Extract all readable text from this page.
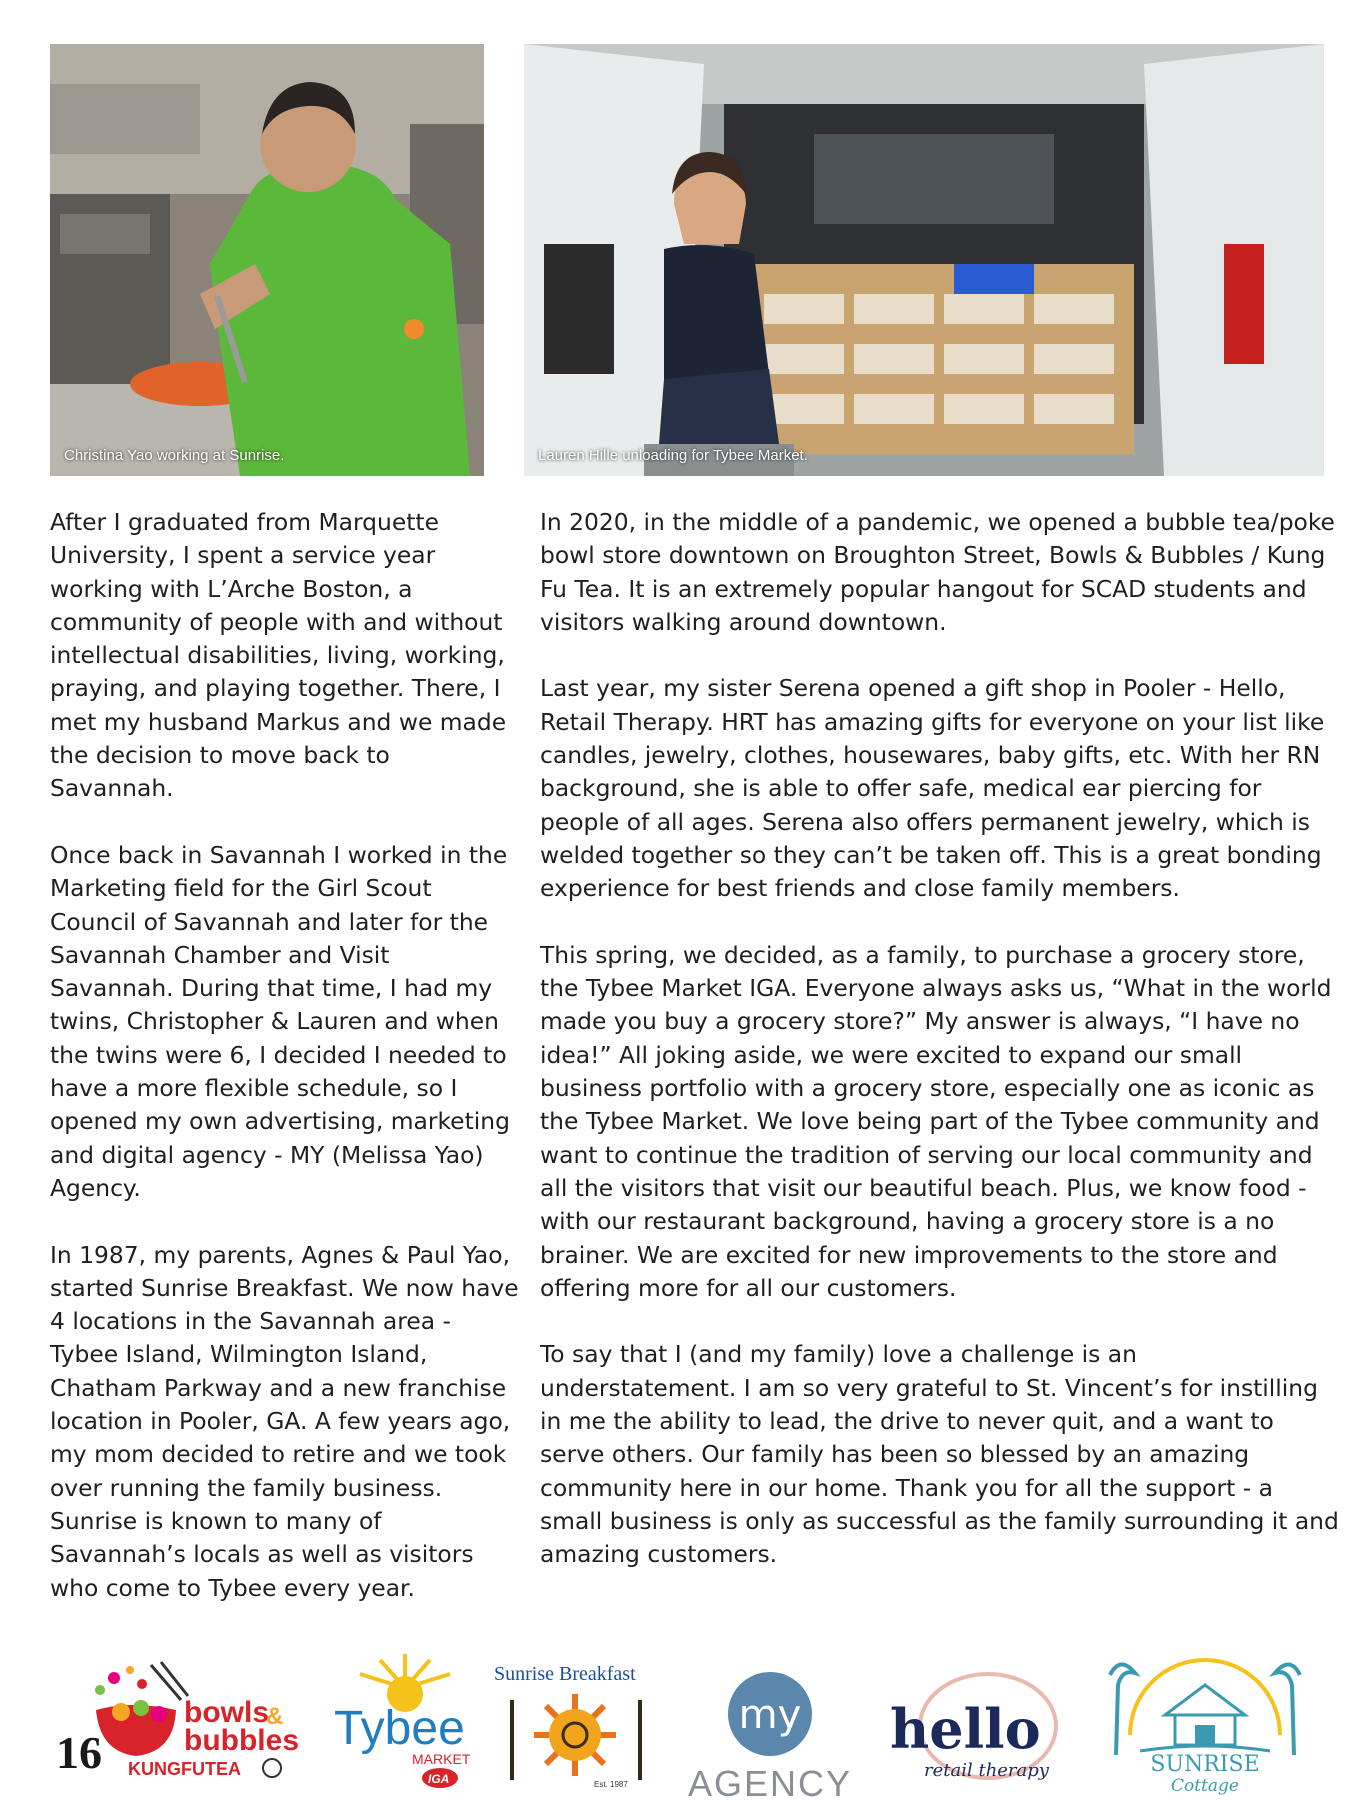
Christina Yao working at Sunrise.	Lauren Hille unloading for Tybee Market.

After I graduated from Marquette University, I spent a service year working with L’Arche Boston, a community of people with and without intellectual disabilities, living, working, praying, and playing together. There, I met my husband Markus and we made the decision to move back to Savannah.

Once back in Savannah I worked in the Marketing field for the Girl Scout Council of Savannah and later for the Savannah Chamber and Visit Savannah. During that time, I had my twins, Christopher & Lauren and when the twins were 6, I decided I needed to have a more flexible schedule, so I opened my own advertising, marketing and digital agency - MY (Melissa Yao) Agency.

In 1987, my parents, Agnes & Paul Yao, started Sunrise Breakfast. We now have 4 locations in the Savannah area - Tybee Island, Wilmington Island, Chatham Parkway and a new franchise location in Pooler, GA. A few years ago, my mom decided to retire and we took over running the family business. Sunrise is known to many of Savannah’s locals as well as visitors who come to Tybee every year.

In 2020, in the middle of a pandemic, we opened a bubble tea/poke bowl store downtown on Broughton Street, Bowls & Bubbles / Kung Fu Tea. It is an extremely popular hangout for SCAD students and visitors walking around downtown.

Last year, my sister Serena opened a gift shop in Pooler - Hello, Retail Therapy. HRT has amazing gifts for everyone on your list like candles, jewelry, clothes, housewares, baby gifts, etc. With her RN background, she is able to offer safe, medical ear piercing for people of all ages. Serena also offers permanent jewelry, which is welded together so they can’t be taken off. This is a great bonding experience for best friends and close family members.

This spring, we decided, as a family, to purchase a grocery store, the Tybee Market IGA. Everyone always asks us, “What in the world made you buy a grocery store?” My answer is always, “I have no idea!” All joking aside, we were excited to expand our small business portfolio with a grocery store, especially one as iconic as the Tybee Market. We love being part of the Tybee community and want to continue the tradition of serving our local community and all the visitors that visit our beautiful beach. Plus, we know food - with our restaurant background, having a grocery store is a no brainer. We are excited for new improvements to the store and offering more for all our customers.

To say that I (and my family) love a challenge is an understatement. I am so very grateful to St. Vincent’s for instilling in me the ability to lead, the drive to never quit, and a want to serve others. Our family has been so blessed by an amazing community here in our home. Thank you for all the support - a small business is only as successful as the family surrounding it and amazing customers.

16
bowls
&
bubbles
KUNGFUTEA
Tybee
MARKET
IGA
Sunrise Breakfast
Est. 1987
my
AGENCY
hello
retail therapy	SUNRISE
Cottage
